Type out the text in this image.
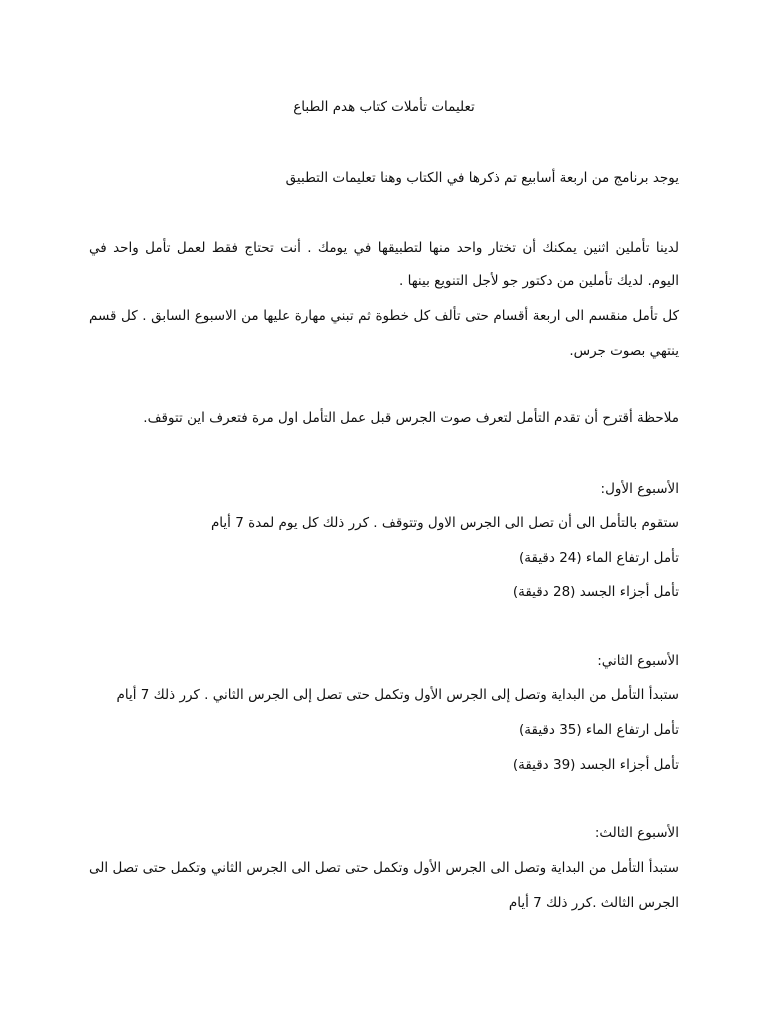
تعليمات تأملات كتاب هدم الطباع
يوجد برنامج من اربعة أسابيع تم ذكرها في الكتاب وهنا تعليمات التطبيق
لدينا تأملين اثنين يمكنك أن تختار واحد منها لتطبيقها في يومك . أنت تحتاج فقط لعمل تأمل واحد في
اليوم. لديك تأملين من دكتور جو لأجل التنويع بينها .
كل تأمل منقسم الى اربعة أقسام حتى تألف كل خطوة ثم تبني مهارة عليها من الاسبوع السابق . كل قسم
ينتهي بصوت جرس.
ملاحظة أقترح أن تقدم التأمل لتعرف صوت الجرس قبل عمل التأمل اول مرة فتعرف اين تتوقف.
الأسبوع الأول:
ستقوم بالتأمل الى أن تصل الى الجرس الاول وتتوقف . كرر ذلك كل يوم لمدة 7 أيام
تأمل ارتفاع الماء (24 دقيقة)
تأمل أجزاء الجسد (28 دقيقة)
الأسبوع الثاني:
ستبدأ التأمل من البداية وتصل إلى الجرس الأول وتكمل حتى تصل إلى الجرس الثاني . كرر ذلك 7 أيام
تأمل ارتفاع الماء (35 دقيقة)
تأمل أجزاء الجسد (39 دقيقة)
الأسبوع الثالث:
ستبدأ التأمل من البداية وتصل الى الجرس الأول وتكمل حتى تصل الى الجرس الثاني وتكمل حتى تصل الى
الجرس الثالث .كرر ذلك 7 أيام
